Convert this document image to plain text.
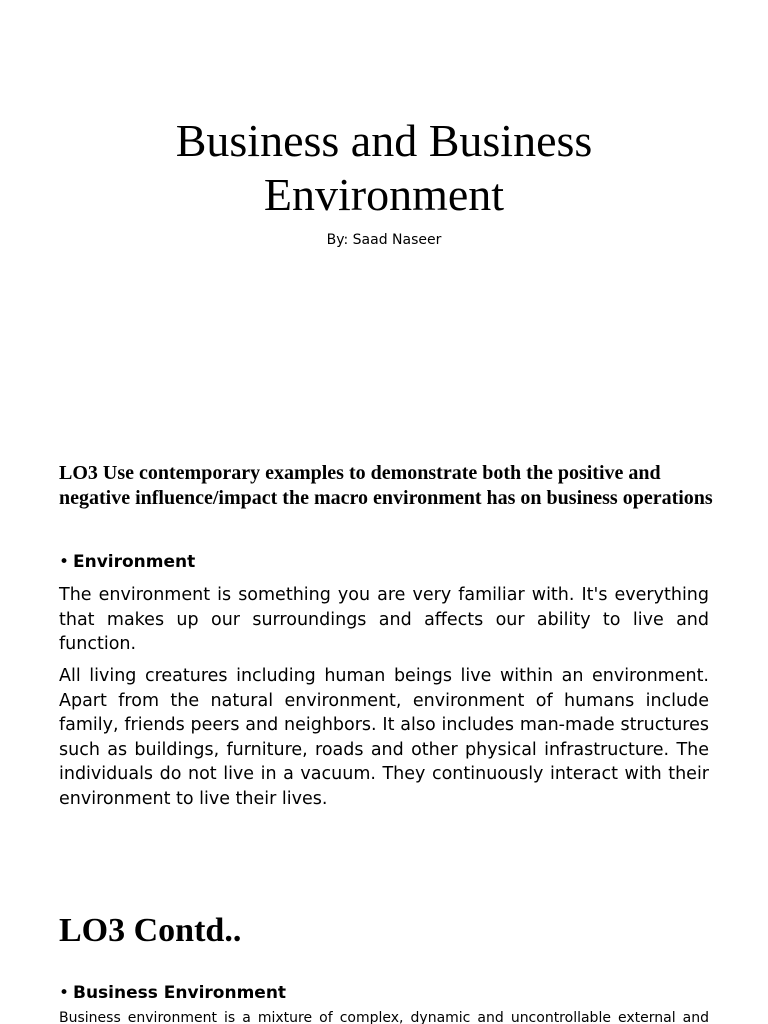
Business and Business
Environment
By: Saad Naseer
LO3 Use contemporary examples to demonstrate both the positive and negative influence/impact the macro environment has on business operations
• Environment
The environment is something you are very familiar with. It's everything that makes up our surroundings and affects our ability to live and function.
All living creatures including human beings live within an environment. Apart from the natural environment, environment of humans include family, friends peers and neighbors. It also includes man-made structures such as buildings, furniture, roads and other physical infrastructure. The individuals do not live in a vacuum. They continuously interact with their environment to live their lives.
LO3 Contd..
• Business Environment
Business environment is a mixture of complex, dynamic and uncontrollable external and
